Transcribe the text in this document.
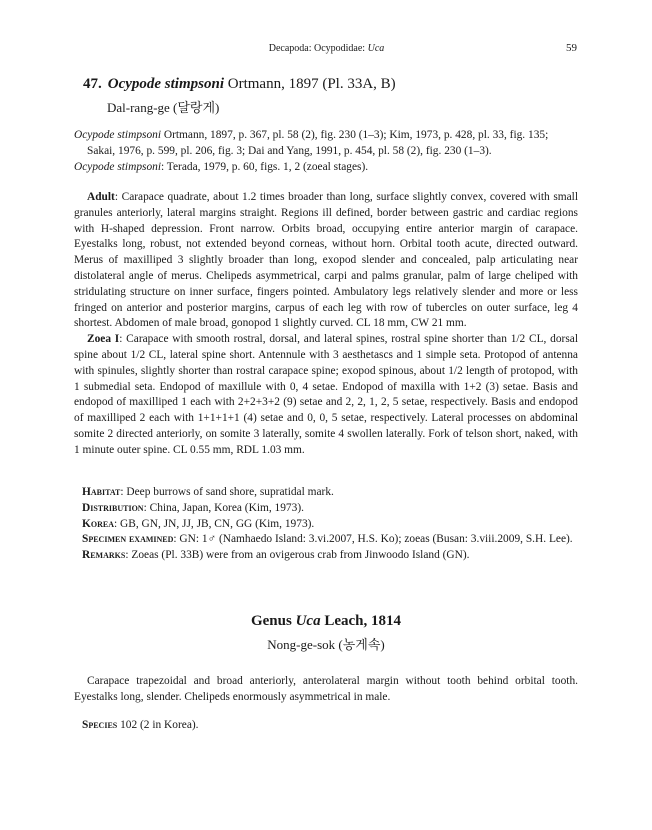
Decapoda: Ocypodidae: Uca	59
47. Ocypode stimpsoni Ortmann, 1897 (Pl. 33A, B)
Dal-rang-ge (달랑게)

Ocypode stimpsoni Ortmann, 1897, p. 367, pl. 58 (2), fig. 230 (1–3); Kim, 1973, p. 428, pl. 33, fig. 135;

Sakai, 1976, p. 599, pl. 206, fig. 3; Dai and Yang, 1991, p. 454, pl. 58 (2), fig. 230 (1–3).

Ocypode stimpsoni: Terada, 1979, p. 60, figs. 1, 2 (zoeal stages).

Adult: Carapace quadrate, about 1.2 times broader than long, surface slightly convex, covered with small granules anteriorly, lateral margins straight. Regions ill defined, border between gastric and cardiac regions with H-shaped depression. Front narrow. Orbits broad, occupying entire anterior margin of carapace. Eyestalks long, robust, not extended beyond corneas, without horn. Orbital tooth acute, directed outward. Merus of maxilliped 3 slightly broader than long, exopod slender and concealed, palp articulating near distolateral angle of merus. Chelipeds asymmetrical, carpi and palms granular, palm of large cheliped with stridulating structure on inner surface, fingers pointed. Ambulatory legs relatively slender and more or less fringed on anterior and posterior margins, carpus of each leg with row of tubercles on outer surface, leg 4 shortest. Abdomen of male broad, gonopod 1 slightly curved. CL 18 mm, CW 21 mm.

Zoea I: Carapace with smooth rostral, dorsal, and lateral spines, rostral spine shorter than 1/2 CL, dorsal spine about 1/2 CL, lateral spine short. Antennule with 3 aesthetascs and 1 simple seta. Protopod of antenna with spinules, slightly shorter than rostral carapace spine; exopod spinous, about 1/2 length of protopod, with 1 submedial seta. Endopod of maxillule with 0, 4 setae. Endopod of maxilla with 1+2 (3) setae. Basis and endopod of maxilliped 1 each with 2+2+3+2 (9) setae and 2, 2, 1, 2, 5 setae, respectively. Basis and endopod of maxilliped 2 each with 1+1+1+1 (4) setae and 0, 0, 5 setae, respectively. Lateral processes on abdominal somite 2 directed anteriorly, on somite 3 laterally, somite 4 swollen laterally. Fork of telson short, naked, with 1 minute outer spine. CL 0.55 mm, RDL 1.03 mm.

Habitat: Deep burrows of sand shore, supratidal mark.

Distribution: China, Japan, Korea (Kim, 1973).

Korea: GB, GN, JN, JJ, JB, CN, GG (Kim, 1973).

Specimen examined: GN: 1♂ (Namhaedo Island: 3.vi.2007, H.S. Ko); zoeas (Busan: 3.viii.2009, S.H. Lee).

Remarks: Zoeas (Pl. 33B) were from an ovigerous crab from Jinwoodo Island (GN).

Genus Uca Leach, 1814
Nong-ge-sok (농게속)

Carapace trapezoidal and broad anteriorly, anterolateral margin without tooth behind orbital tooth. Eyestalks long, slender. Chelipeds enormously asymmetrical in male.

Species 102 (2 in Korea).
